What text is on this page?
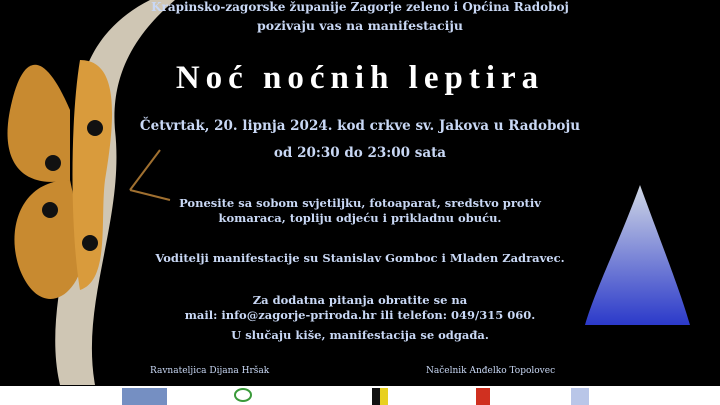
Krapinsko-zagorske županije Zagorje zeleno i Općina Radoboj
pozivaju vas na manifestaciju
Noć noćnih leptira
Četvrtak, 20. lipnja 2024. kod crkve sv. Jakova u Radoboju
od 20:30 do 23:00 sata
Ponesite sa sobom svjetiljku, fotoaparat, sredstvo protiv komaraca, topliju odjeću i prikladnu obuću.
Voditelji manifestacije su Stanislav Gomboc i Mladen Zadravec.
Za dodatna pitanja obratite se na
mail: info@zagorje-priroda.hr ili telefon: 049/315 060.
U slučaju kiše, manifestacija se odgađa.
Ravnateljica Dijana Hršak	Načelnik Anđelko Topolovec
